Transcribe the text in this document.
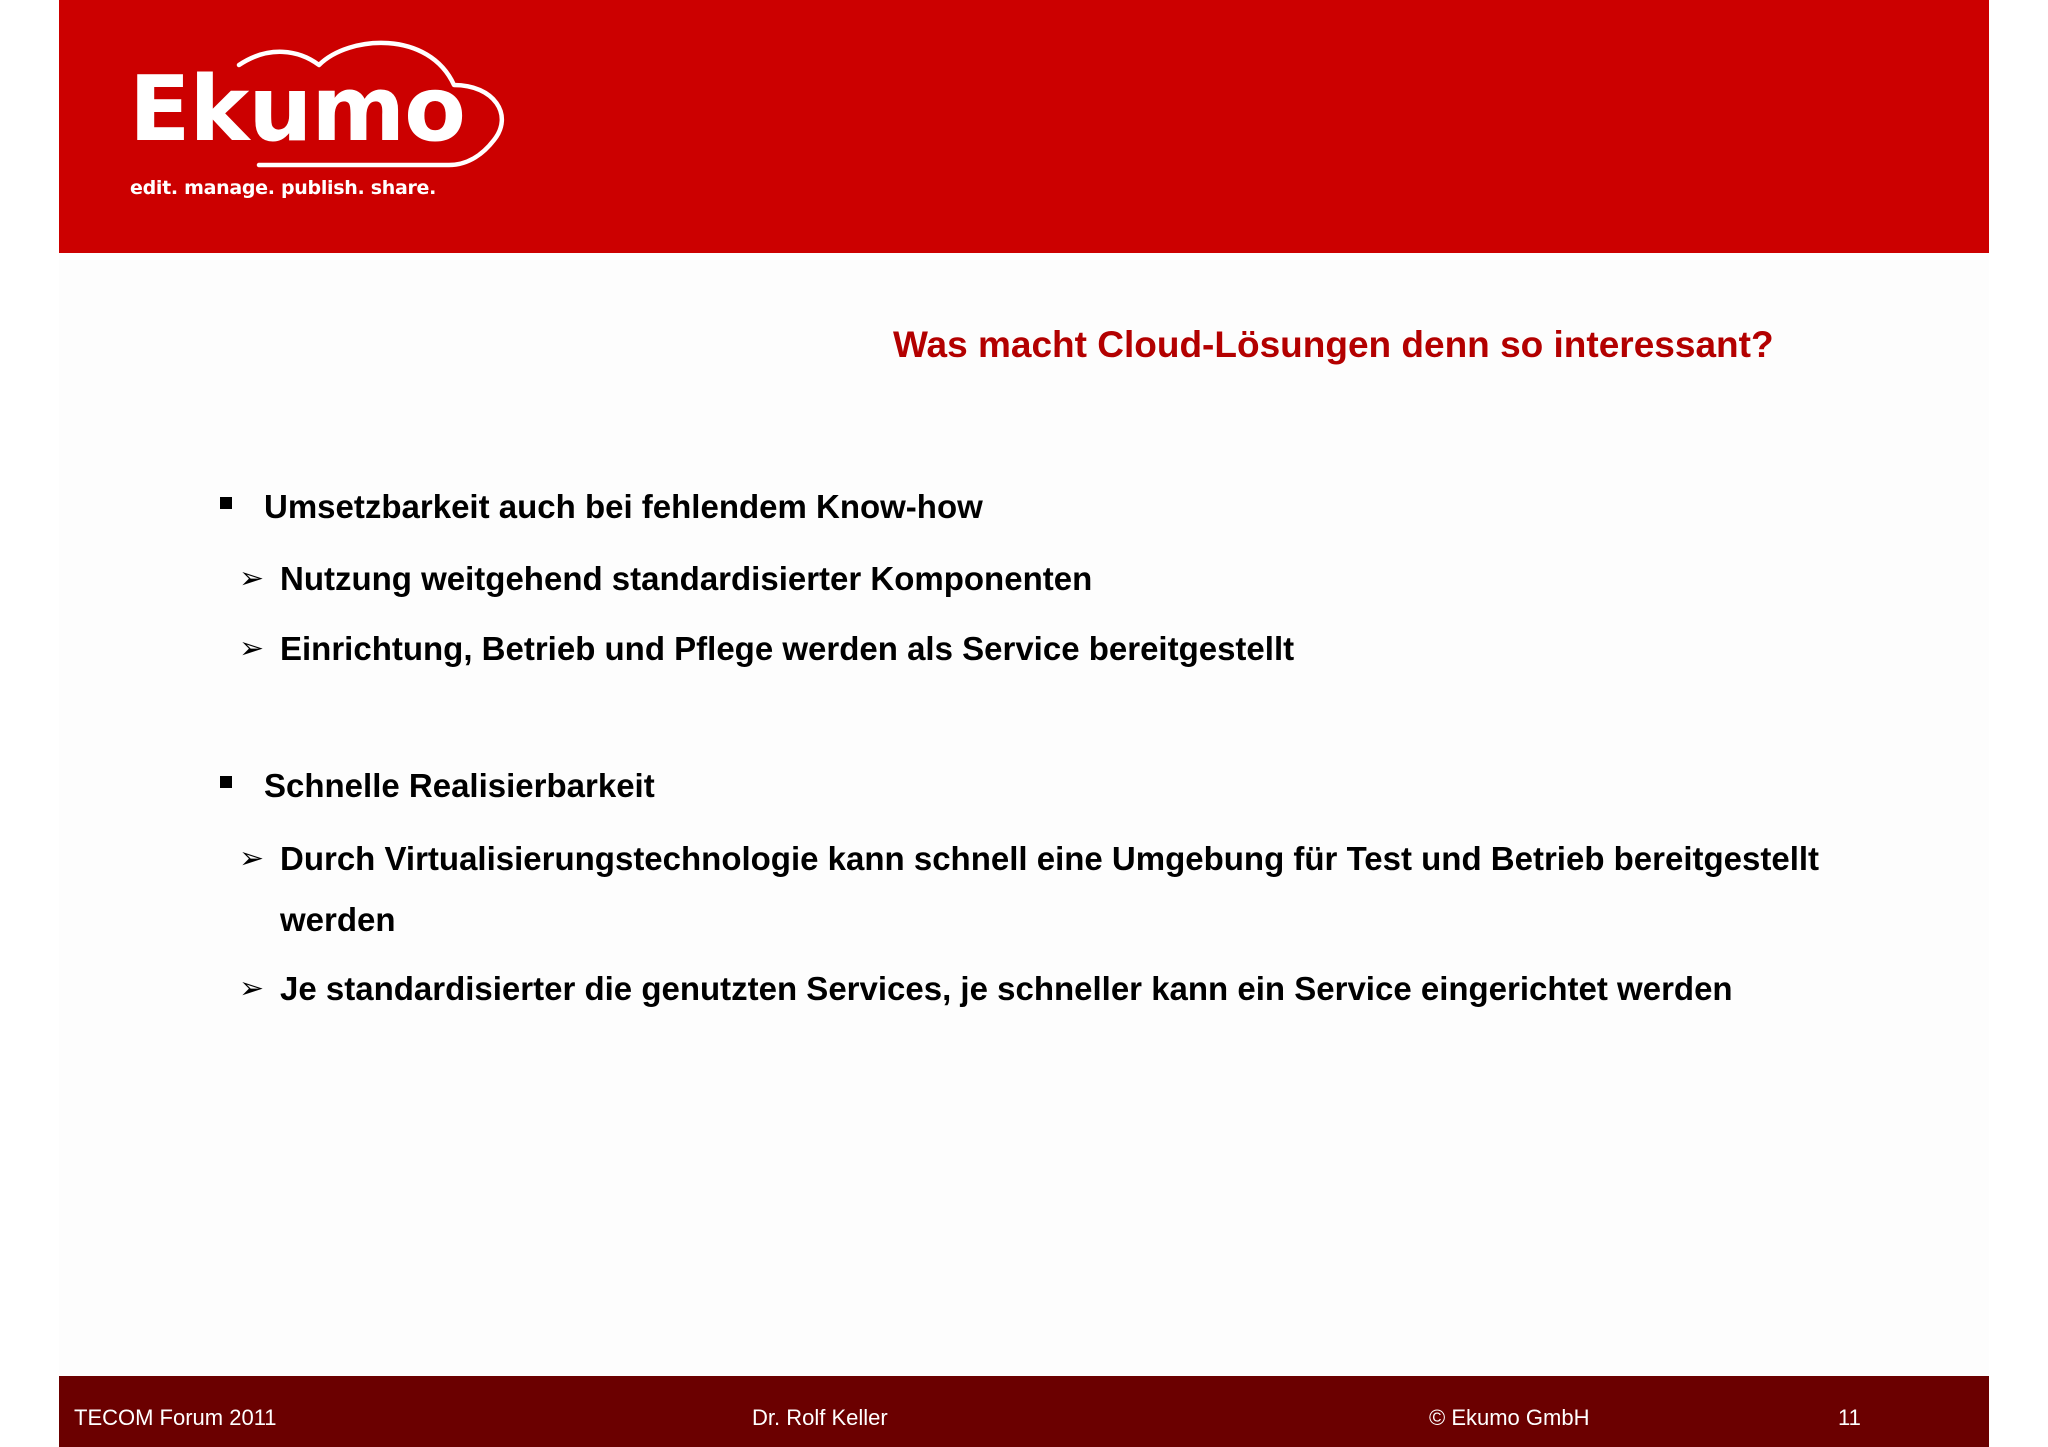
Ekumo
edit. manage. publish. share.
Was macht Cloud-Lösungen denn so interessant?
Umsetzbarkeit auch bei fehlendem Know-how
➢ Nutzung weitgehend standardisierter Komponenten
➢ Einrichtung, Betrieb und Pflege werden als Service bereitgestellt
Schnelle Realisierbarkeit
➢ Durch Virtualisierungstechnologie kann schnell eine Umgebung für Test und Betrieb bereitgestellt
werden
➢ Je standardisierter die genutzten Services, je schneller kann ein Service eingerichtet werden
TECOM Forum 2011	Dr. Rolf Keller	© Ekumo GmbH	11
